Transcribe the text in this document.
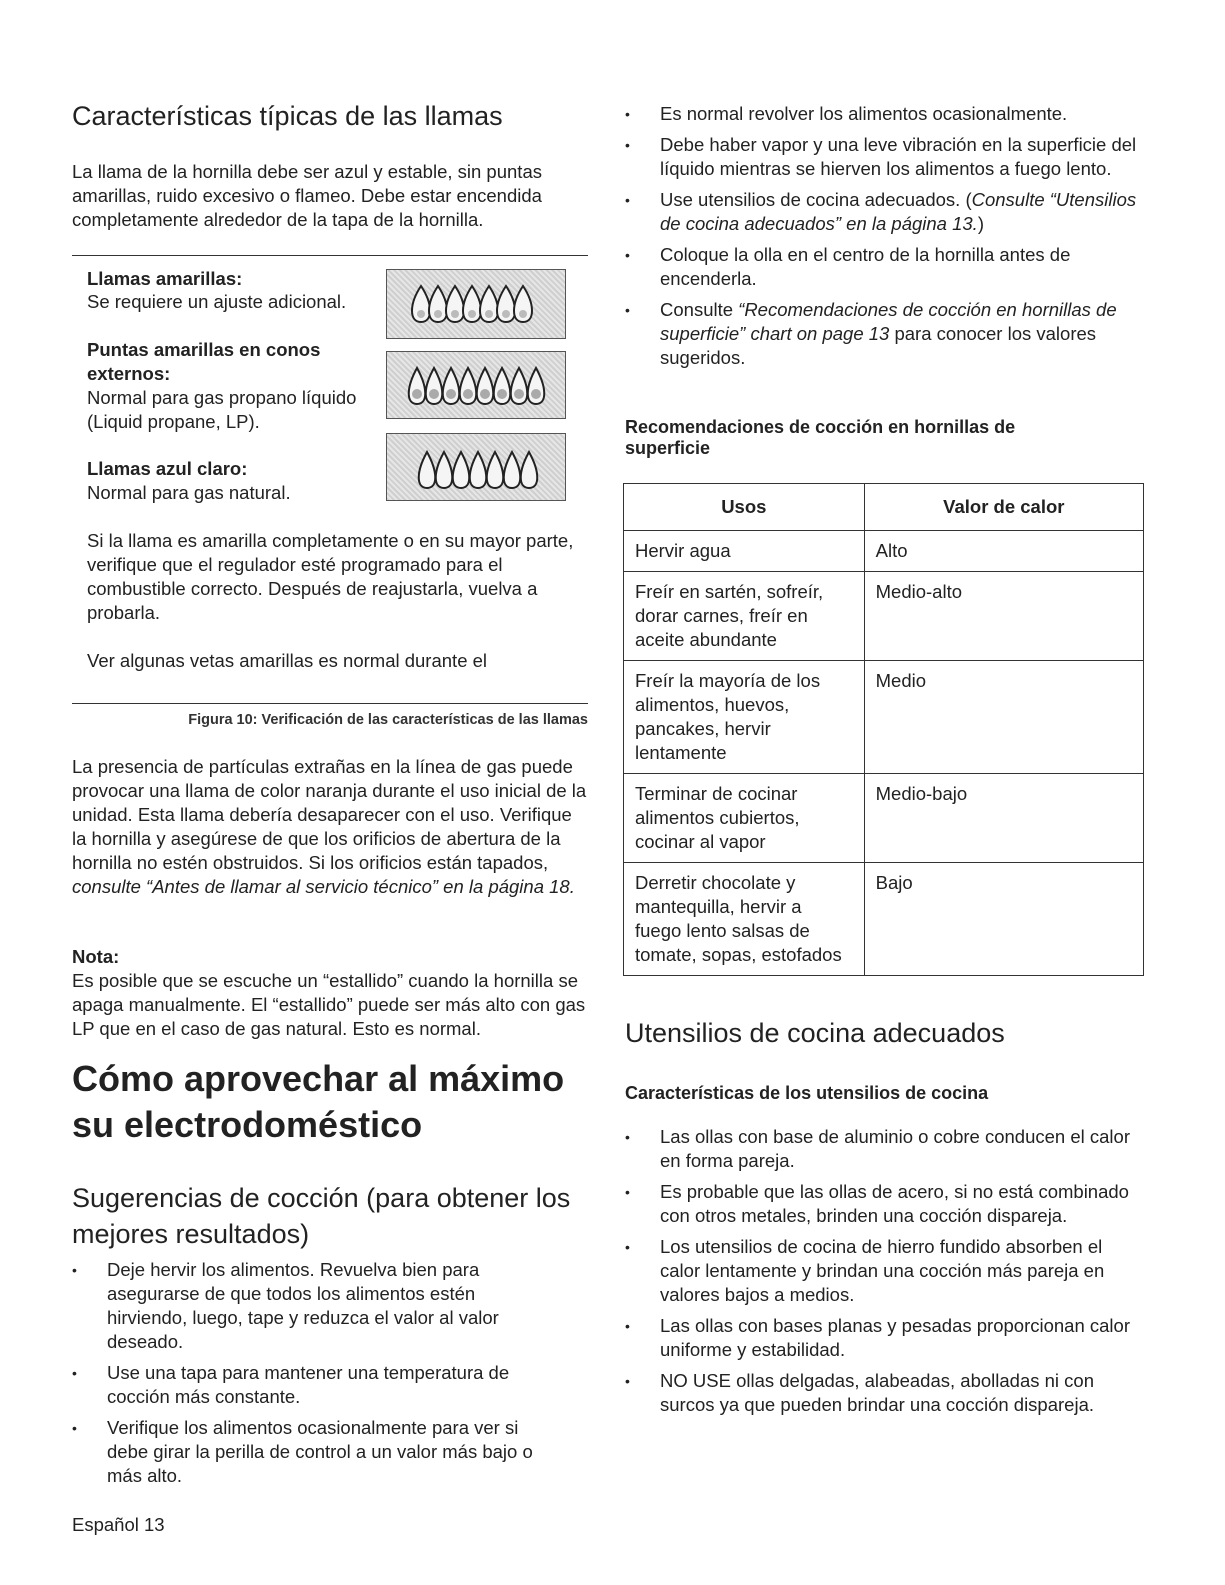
Características típicas de las llamas
La llama de la hornilla debe ser azul y estable, sin puntas amarillas, ruido excesivo o flameo. Debe estar encendida completamente alrededor de la tapa de la hornilla.
Llamas amarillas:
Se requiere un ajuste adicional.
Puntas amarillas en conos externos:
Normal para gas propano líquido (Liquid propane, LP).
Llamas azul claro:
Normal para gas natural.
Si la llama es amarilla completamente o en su mayor parte, verifique que el regulador esté programado para el combustible correcto. Después de reajustarla, vuelva a probarla.
Ver algunas vetas amarillas es normal durante el
Figura 10: Verificación de las características de las llamas
La presencia de partículas extrañas en la línea de gas puede provocar una llama de color naranja durante el uso inicial de la unidad. Esta llama debería desaparecer con el uso. Verifique la hornilla y asegúrese de que los orificios de abertura de la hornilla no estén obstruidos. Si los orificios están tapados, consulte “Antes de llamar al servicio técnico” en la página 18.
Nota:
Es posible que se escuche un “estallido” cuando la hornilla se apaga manualmente. El “estallido” puede ser más alto con gas LP que en el caso de gas natural. Esto es normal.
Cómo aprovechar al máximo su electrodoméstico
Sugerencias de cocción (para obtener los mejores resultados)
• Deje hervir los alimentos. Revuelva bien para asegurarse de que todos los alimentos estén hirviendo, luego, tape y reduzca el valor al valor deseado.
• Use una tapa para mantener una temperatura de cocción más constante.
• Verifique los alimentos ocasionalmente para ver si debe girar la perilla de control a un valor más bajo o más alto.
Español 13
• Es normal revolver los alimentos ocasionalmente.
• Debe haber vapor y una leve vibración en la superficie del líquido mientras se hierven los alimentos a fuego lento.
• Use utensilios de cocina adecuados. (Consulte “Utensilios de cocina adecuados” en la página 13.)
• Coloque la olla en el centro de la hornilla antes de encenderla.
• Consulte “Recomendaciones de cocción en hornillas de superficie” chart on page 13 para conocer los valores sugeridos.
Recomendaciones de cocción en hornillas de superficie
Usos	Valor de calor
Hervir agua	Alto
Freír en sartén, sofreír, dorar carnes, freír en aceite abundante	Medio-alto
Freír la mayoría de los alimentos, huevos, pancakes, hervir lentamente	Medio
Terminar de cocinar alimentos cubiertos, cocinar al vapor	Medio-bajo
Derretir chocolate y mantequilla, hervir a fuego lento salsas de tomate, sopas, estofados	Bajo
Utensilios de cocina adecuados
Características de los utensilios de cocina
• Las ollas con base de aluminio o cobre conducen el calor en forma pareja.
• Es probable que las ollas de acero, si no está combinado con otros metales, brinden una cocción dispareja.
• Los utensilios de cocina de hierro fundido absorben el calor lentamente y brindan una cocción más pareja en valores bajos a medios.
• Las ollas con bases planas y pesadas proporcionan calor uniforme y estabilidad.
• NO USE ollas delgadas, alabeadas, abolladas ni con surcos ya que pueden brindar una cocción dispareja.
